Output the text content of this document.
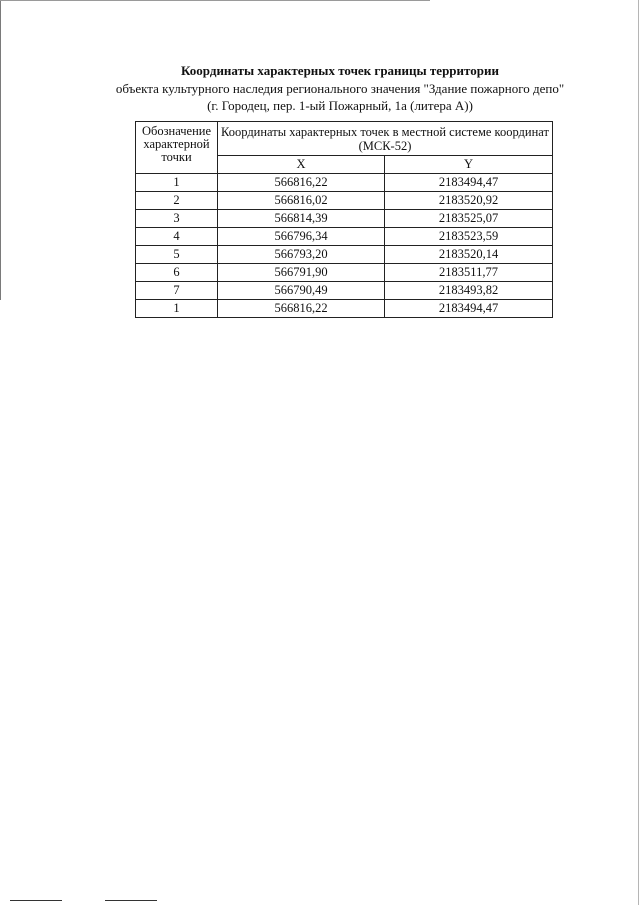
Координаты характерных точек границы территории
объекта культурного наследия регионального значения "Здание пожарного депо"
(г. Городец, пер. 1-ый Пожарный, 1а (литера А))
Обозначение
характерной
точки	Координаты характерных точек в местной системе координат (МСК-52)	
	X	Y
1	566816,22	2183494,47
2	566816,02	2183520,92
3	566814,39	2183525,07
4	566796,34	2183523,59
5	566793,20	2183520,14
6	566791,90	2183511,77
7	566790,49	2183493,82
1	566816,22	2183494,47
